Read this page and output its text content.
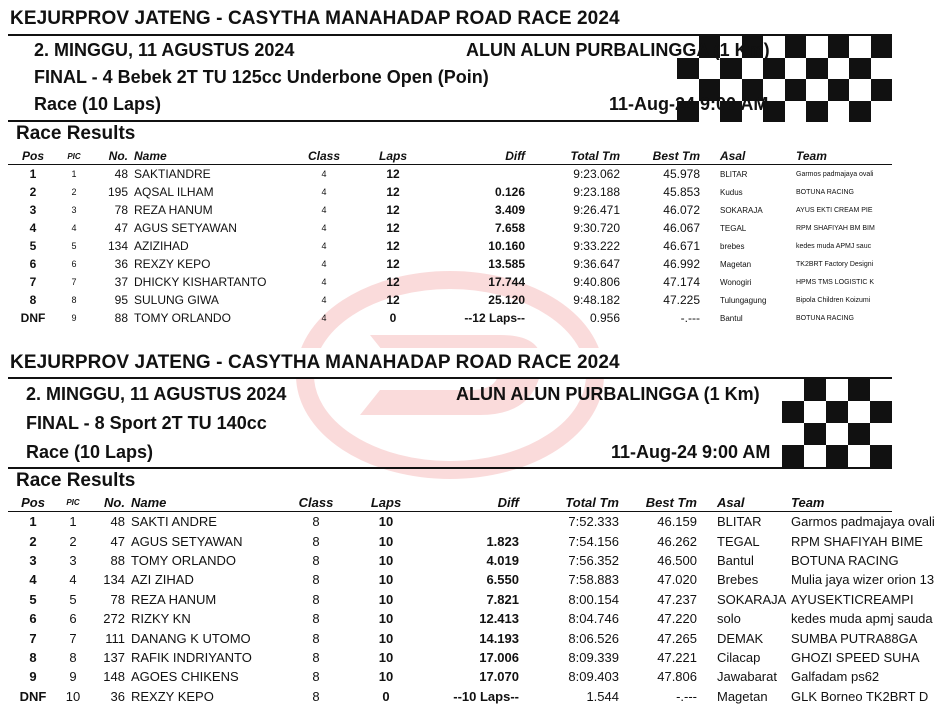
KEJURPROV JATENG - CASYTHA MANAHADAP ROAD RACE 2024
2. MINGGU, 11 AGUSTUS 2024	ALUN ALUN PURBALINGGA (1 Km)
FINAL - 4 Bebek 2T TU 125cc Underbone Open (Poin)
Race (10 Laps)	11-Aug-24 9:00 AM
Race Results
Pos	PIC	No.	Name	Class	Laps	Diff	Total Tm	Best Tm	Asal	Team
1	1	48	SAKTIANDRE	4	12		9:23.062	45.978	BLITAR	Garmos padmajaya ovali
2	2	195	AQSAL ILHAM	4	12	0.126	9:23.188	45.853	Kudus	BOTUNA RACING
3	3	78	REZA HANUM	4	12	3.409	9:26.471	46.072	SOKARAJA	AYUS EKTI CREAM PIE
4	4	47	AGUS SETYAWAN	4	12	7.658	9:30.720	46.067	TEGAL	RPM SHAFIYAH BM BIM
5	5	134	AZIZIHAD	4	12	10.160	9:33.222	46.671	brebes	kedes muda APMJ sauc
6	6	36	REXZY KEPO	4	12	13.585	9:36.647	46.992	Magetan	TK2BRT Factory Designi
7	7	37	DHICKY KISHARTANTO	4	12	17.744	9:40.806	47.174	Wonogiri	HPMS TMS LOGISTIC K
8	8	95	SULUNG GIWA	4	12	25.120	9:48.182	47.225	Tulungagung	Bipola Children Koizumi
DNF	9	88	TOMY ORLANDO	4	0	--12 Laps--	0.956	-.---	Bantul	BOTUNA RACING
KEJURPROV JATENG - CASYTHA MANAHADAP ROAD RACE 2024
2. MINGGU, 11 AGUSTUS 2024	ALUN ALUN PURBALINGGA (1 Km)
FINAL - 8 Sport 2T TU 140cc
Race (10 Laps)	11-Aug-24 9:00 AM
Race Results
Pos	PIC	No.	Name	Class	Laps	Diff	Total Tm	Best Tm	Asal	Team
1	1	48	SAKTI ANDRE	8	10		7:52.333	46.159	BLITAR	Garmos padmajaya ovali
2	2	47	AGUS SETYAWAN	8	10	1.823	7:54.156	46.262	TEGAL	RPM SHAFIYAH BIME
3	3	88	TOMY ORLANDO	8	10	4.019	7:56.352	46.500	Bantul	BOTUNA RACING
4	4	134	AZI ZIHAD	8	10	6.550	7:58.883	47.020	Brebes	Mulia jaya wizer orion 13
5	5	78	REZA HANUM	8	10	7.821	8:00.154	47.237	SOKARAJA	AYUSEKTICREAMPI
6	6	272	RIZKY KN	8	10	12.413	8:04.746	47.220	solo	kedes muda apmj sauda
7	7	111	DANANG K UTOMO	8	10	14.193	8:06.526	47.265	DEMAK	SUMBA PUTRA88GA
8	8	137	RAFIK INDRIYANTO	8	10	17.006	8:09.339	47.221	Cilacap	GHOZI SPEED SUHA
9	9	148	AGOES CHIKENS	8	10	17.070	8:09.403	47.806	Jawabarat	Galfadam ps62
DNF	10	36	REXZY KEPO	8	0	--10 Laps--	1.544	-.---	Magetan	GLK Borneo TK2BRT D
